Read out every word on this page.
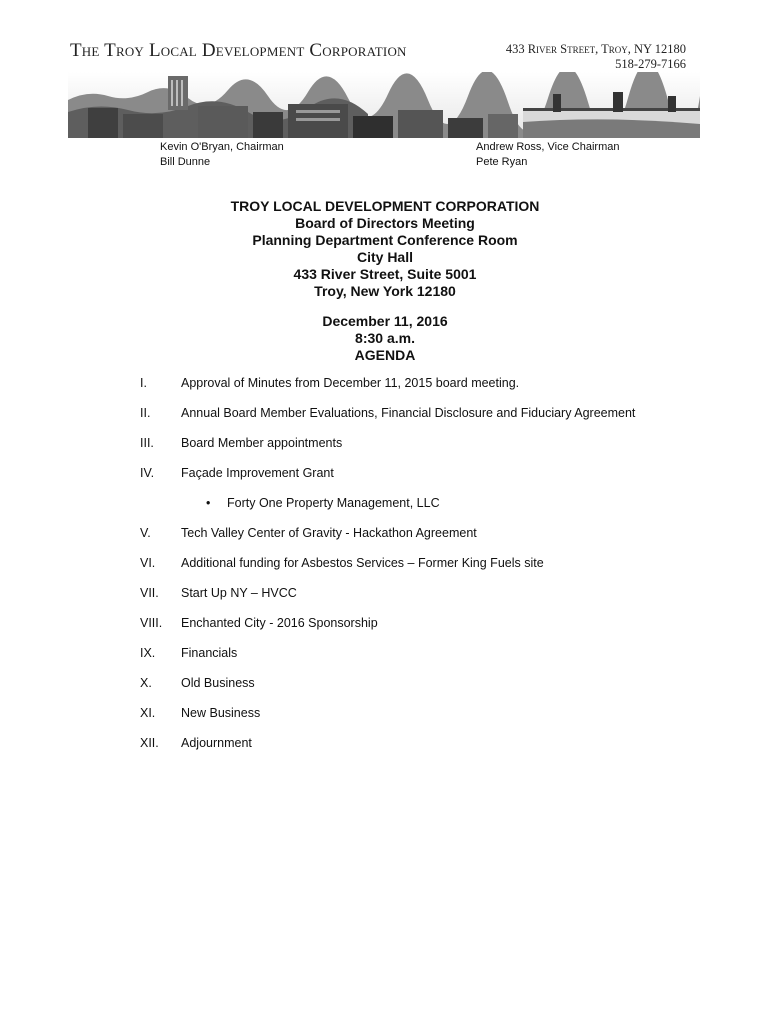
The Troy Local Development Corporation	433 River Street, Troy, NY 12180
518-279-7166
Kevin O'Bryan, Chairman
Bill Dunne
Andrew Ross, Vice Chairman
Pete Ryan
TROY LOCAL DEVELOPMENT CORPORATION
Board of Directors Meeting
Planning Department Conference Room
City Hall
433 River Street, Suite 5001
Troy, New York 12180
December 11, 2016
8:30 a.m.
AGENDA
I.	Approval of Minutes from December 11, 2015 board meeting.
II. Annual Board Member Evaluations, Financial Disclosure and Fiduciary Agreement
III. Board Member appointments
IV. Façade Improvement Grant
• Forty One Property Management, LLC
V. Tech Valley Center of Gravity - Hackathon Agreement
VI. Additional funding for Asbestos Services – Former King Fuels site
VII. Start Up NY – HVCC
VIII. Enchanted City - 2016 Sponsorship
IX. Financials
X. Old Business
XI. New Business
XII. Adjournment
